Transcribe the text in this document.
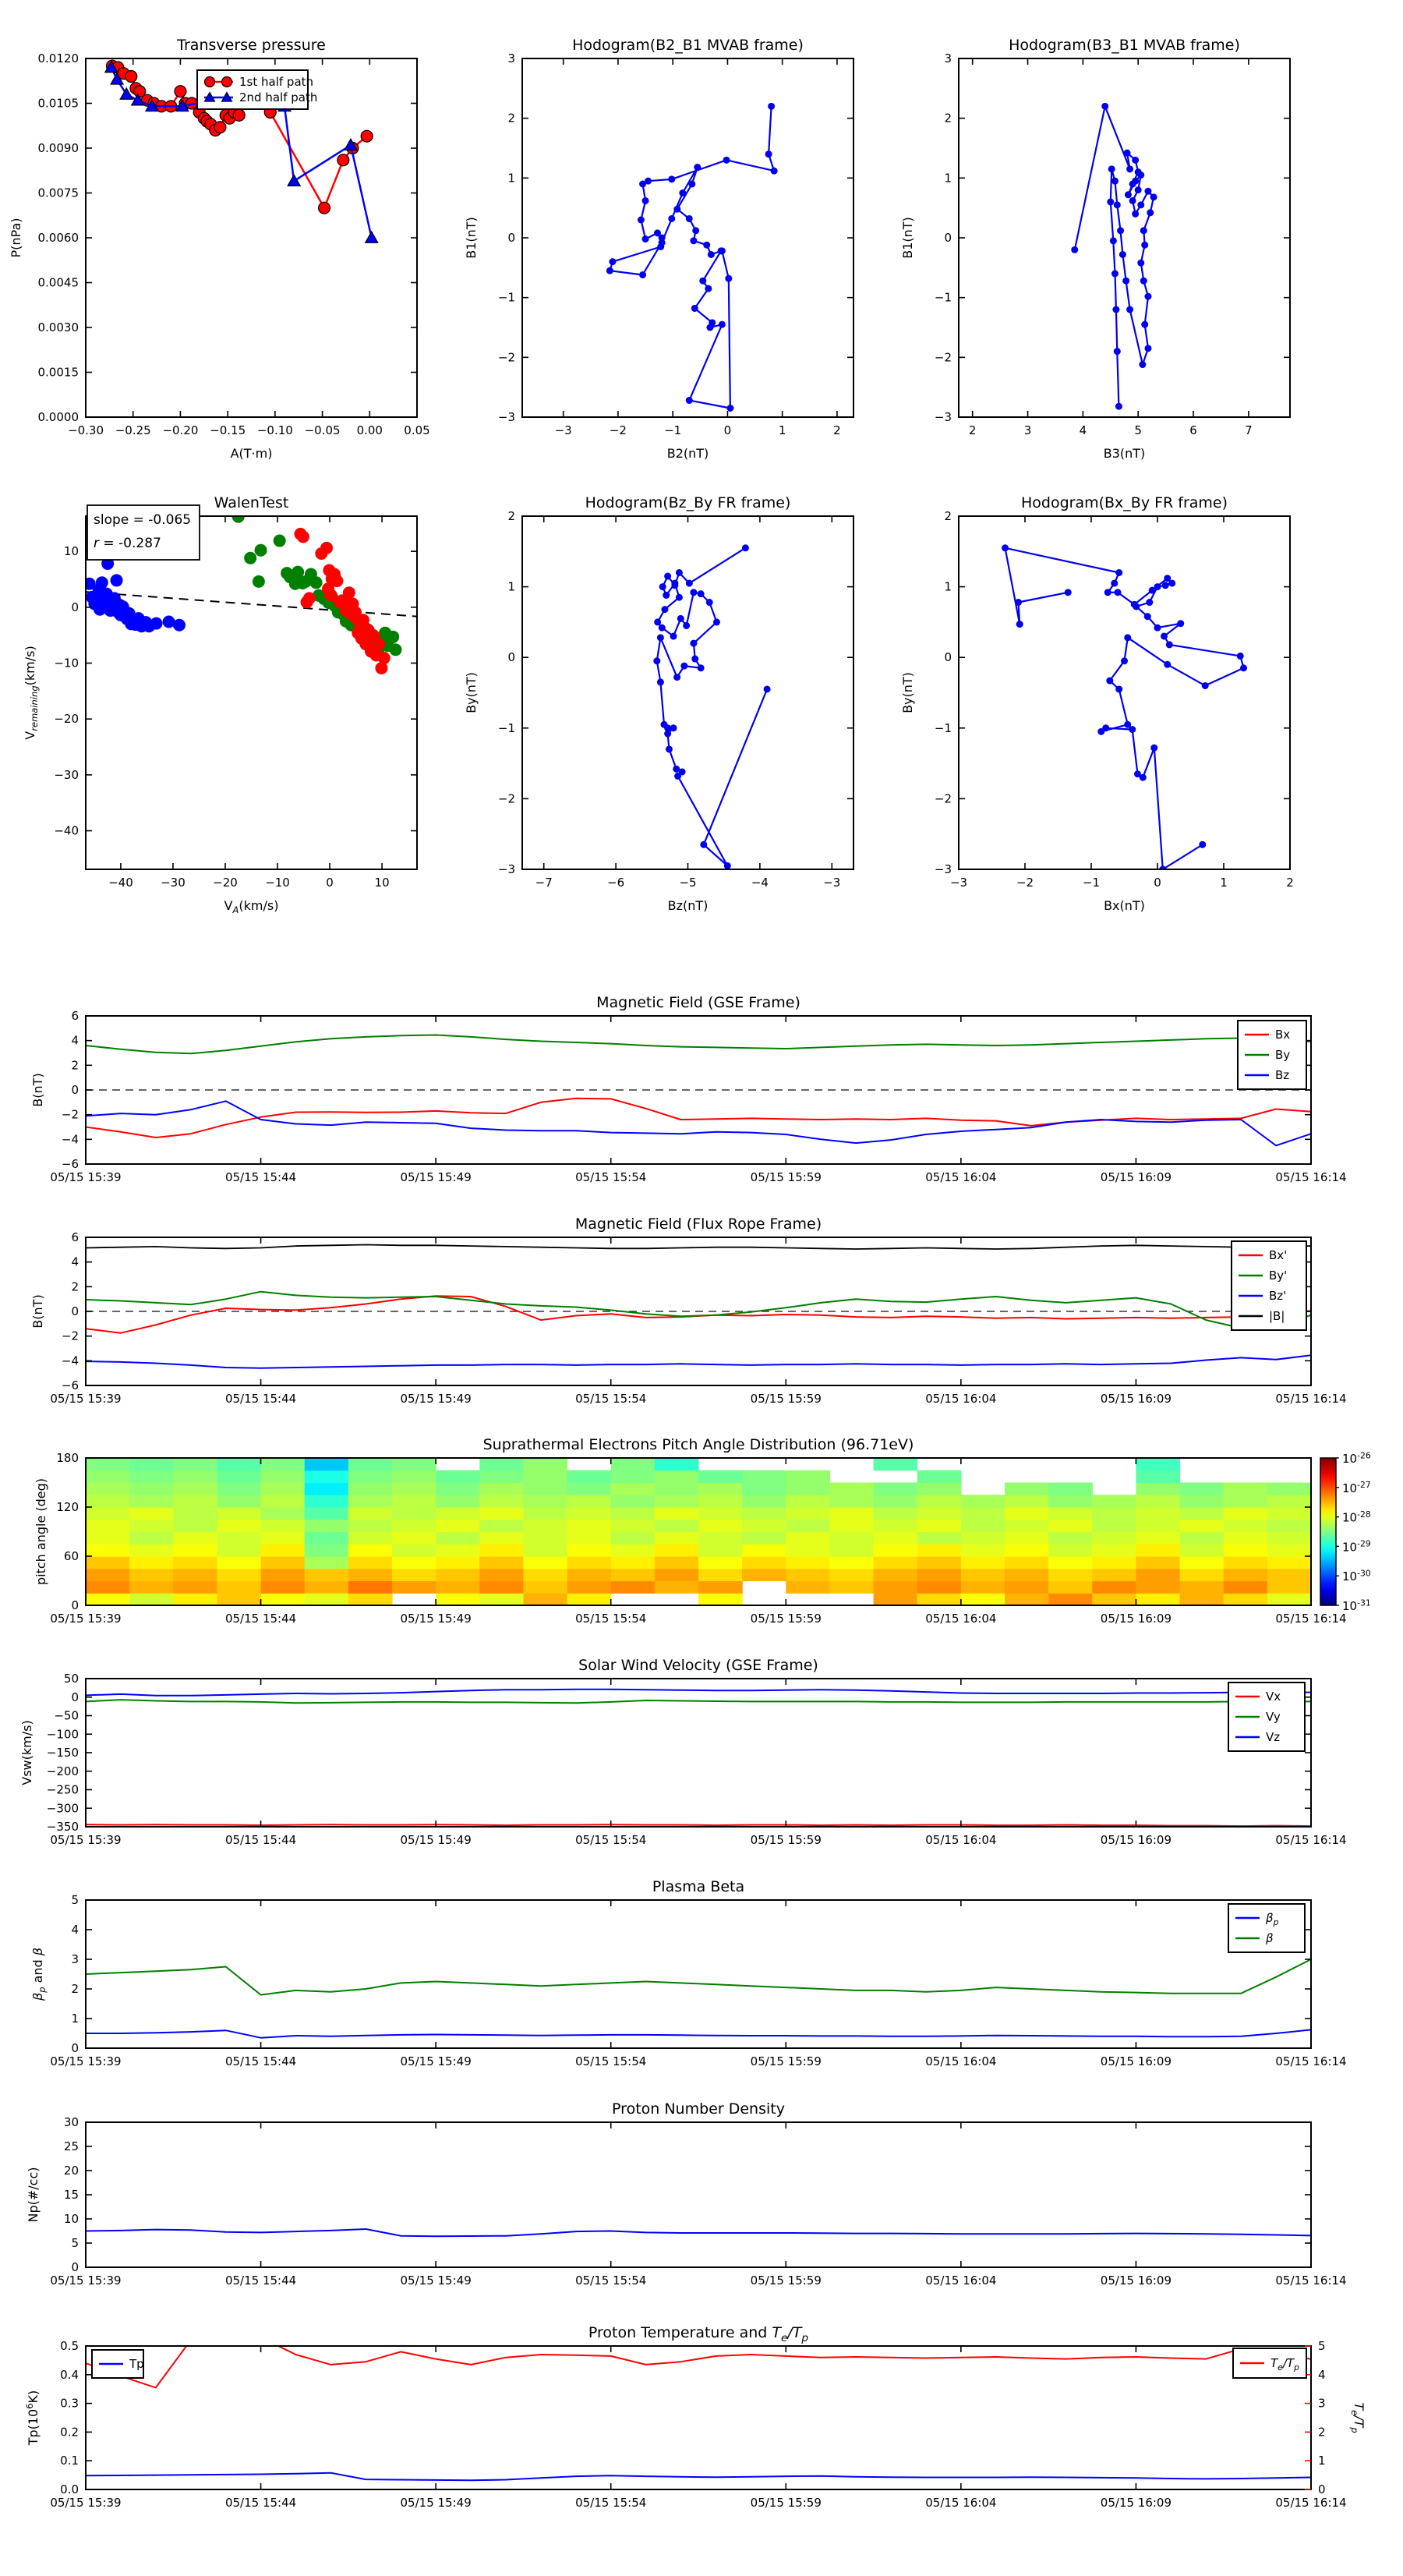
−0.30 −0.25 −0.20 −0.15 −0.10 −0.05 0.00 0.05
0.0000
0.0015
0.0030
0.0045
0.0060
0.0075
0.0090
0.0105
0.0120
Transverse pressure
A(T·m)
P(nPa)
1st half path
2nd half path
−3	−2	−1	0	1	2
−3
−2
−1
0
1
2
3
Hodogram(B2_B1 MVAB frame)
B2(nT)
B1(nT)
2	3	4	5	6	7
−3
−2
−1
0
1
2
3
Hodogram(B3_B1 MVAB frame)
B3(nT)
B1(nT)
−40 −30 −20 −10	0	10
10
0
−10
−20
−30
−40
WalenTest
$V_A(km/s)$
$V_{remaining}(km/s)$
slope = -0.065
r = -0.287
−7	−6	−5	−4	−3
−3
−2
−1
0
1
2
Hodogram(Bz_By FR frame)
Bz(nT)
By(nT)
−3	−2	−1	0	1	2
−3
−2
−1
0
1
2
Hodogram(Bx_By FR frame)
Bx(nT)
By(nT)
05/15 15:39	05/15 15:44	05/15 15:49	05/15 15:54	05/15 15:59	05/15 16:04	05/15 16:09	05/15 16:14
−6
−4
−2
0
2
4
6
Magnetic Field (GSE Frame)
B(nT)
Bx
By
Bz
05/15 15:39	05/15 15:44	05/15 15:49	05/15 15:54	05/15 15:59	05/15 16:04	05/15 16:09	05/15 16:14
−6
−4
−2
0
2
4
6
Magnetic Field (Flux Rope Frame)
B(nT)
Bx'
By'
Bz'
|B|
05/15 15:39	05/15 15:44	05/15 15:49	05/15 15:54	05/15 15:59	05/15 16:04	05/15 16:09	05/15 16:14
0
60
120
180
Suprathermal Electrons Pitch Angle Distribution (96.71eV)
pitch angle (deg)
$10^{-26}$
$10^{-27}$
$10^{-28}$
$10^{-29}$
$10^{-30}$
$10^{-31}$
05/15 15:39	05/15 15:44	05/15 15:49	05/15 15:54	05/15 15:59	05/15 16:04	05/15 16:09	05/15 16:14
50
0
−50
−100
−150
−200
−250
−300
−350
Solar Wind Velocity (GSE Frame)
Vsw(km/s)
Vx
Vy
Vz
05/15 15:39	05/15 15:44	05/15 15:49	05/15 15:54	05/15 15:59	05/15 16:04	05/15 16:09	05/15 16:14
0
1
2
3
4
5
Plasma Beta
$\beta_p$ and β
$\beta_p$
β
05/15 15:39	05/15 15:44	05/15 15:49	05/15 15:54	05/15 15:59	05/15 16:04	05/15 16:09	05/15 16:14
0
5
10
15
20
25
30
Proton Number Density
Np(#/cc)
05/15 15:39	05/15 15:44	05/15 15:49	05/15 15:54	05/15 15:59	05/15 16:04	05/15 16:09	05/15 16:14
0.0
0.1
0.2
0.3
0.4
0.5
0
1
2
3
4
5
$T_e/T_p$
Proton Temperature and $T_e/T_p$
$Tp(10^6K)$
Tp	$T_e/T_p$
